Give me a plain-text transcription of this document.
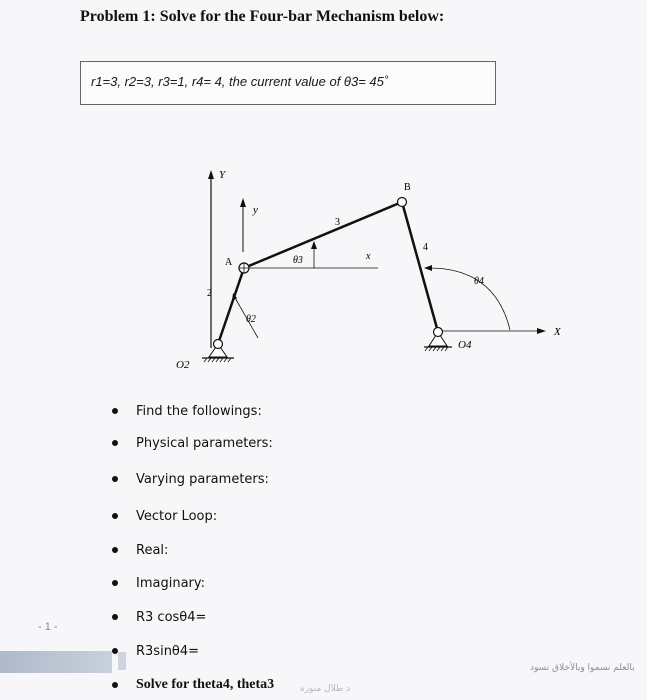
Problem 1: Solve for the Four-bar Mechanism below:
r1=3, r2=3, r3=1, r4= 4, the current value of θ3= 45˚
Y
y
x
2
θ2
3
θ3
4
θ4
X
A
B
O2
O4
Find the followings:
Physical parameters:
Varying parameters:
Vector Loop:
Real:
Imaginary:
R3 cosθ4=
R3sinθ4=
Solve for theta4, theta3
- 1 -
بالعلم نسموا وبالأخلاق نسود
د طلال منوره
